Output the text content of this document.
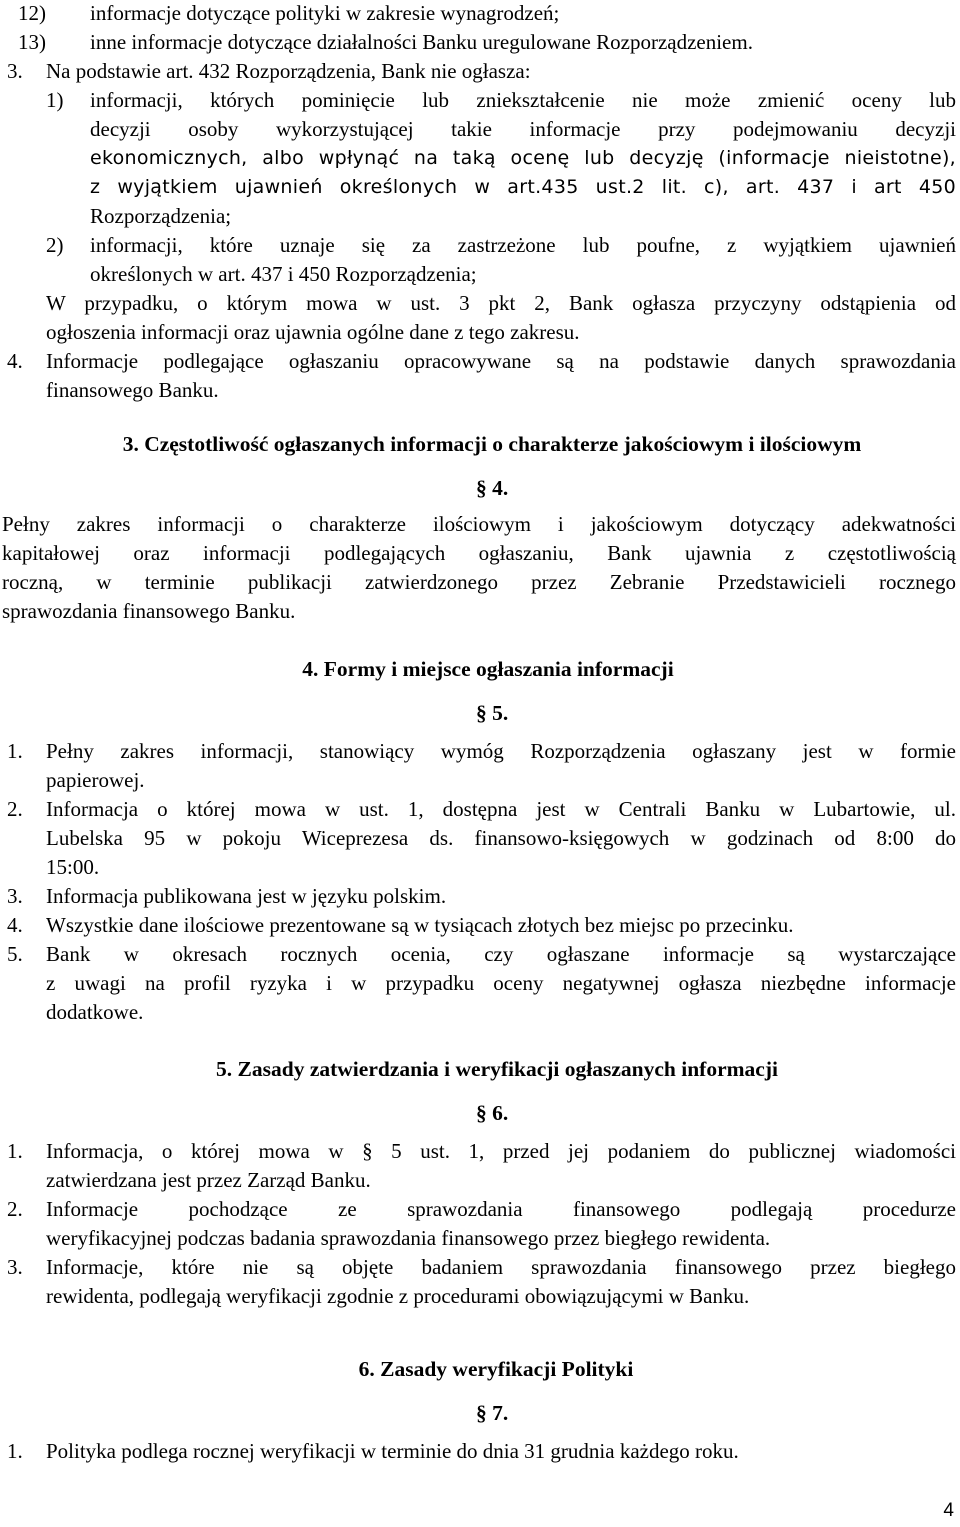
12)	informacje dotyczące polityki w zakresie wynagrodzeń;
13)	inne informacje dotyczące działalności Banku uregulowane Rozporządzeniem.
3.	Na podstawie art. 432 Rozporządzenia, Bank nie ogłasza:
1) informacji, których pominięcie lub zniekształcenie nie może zmienić oceny lub
decyzji osoby wykorzystującej takie informacje przy podejmowaniu decyzji
ekonomicznych, albo wpłynąć na taką ocenę lub decyzję (informacje nieistotne),
z wyjątkiem ujawnień określonych w art.435 ust.2 lit. c), art. 437 i art 450
Rozporządzenia;
2) informacji, które uznaje się za zastrzeżone lub poufne, z wyjątkiem ujawnień
określonych w art. 437 i 450 Rozporządzenia;
W przypadku, o którym mowa w ust. 3 pkt 2, Bank ogłasza przyczyny odstąpienia od
ogłoszenia informacji oraz ujawnia ogólne dane z tego zakresu.
4. Informacje podlegające ogłaszaniu opracowywane są na podstawie danych sprawozdania
finansowego Banku.
3. Częstotliwość ogłaszanych informacji o charakterze jakościowym i ilościowym
§ 4.
Pełny zakres informacji o charakterze ilościowym i jakościowym dotyczący adekwatności
kapitałowej oraz informacji podlegających ogłaszaniu, Bank ujawnia z częstotliwością
roczną, w terminie publikacji zatwierdzonego przez Zebranie Przedstawicieli rocznego
sprawozdania finansowego Banku.
4. Formy i miejsce ogłaszania informacji
§ 5.
1. Pełny zakres informacji, stanowiący wymóg Rozporządzenia ogłaszany jest w formie
papierowej.
2. Informacja o której mowa w ust. 1, dostępna jest w Centrali Banku w Lubartowie, ul.
Lubelska 95 w pokoju Wiceprezesa ds. finansowo-księgowych w godzinach od 8:00 do
15:00.
3. Informacja publikowana jest w języku polskim.
4. Wszystkie dane ilościowe prezentowane są w tysiącach złotych bez miejsc po przecinku.
5. Bank w okresach rocznych ocenia, czy ogłaszane informacje są wystarczające
z uwagi na profil ryzyka i w przypadku oceny negatywnej ogłasza niezbędne informacje
dodatkowe.
5. Zasady zatwierdzania i weryfikacji ogłaszanych informacji
§ 6.
1. Informacja, o której mowa w § 5 ust. 1, przed jej podaniem do publicznej wiadomości
zatwierdzana jest przez Zarząd Banku.
2. Informacje pochodzące ze sprawozdania finansowego podlegają procedurze
weryfikacyjnej podczas badania sprawozdania finansowego przez biegłego rewidenta.
3. Informacje, które nie są objęte badaniem sprawozdania finansowego przez biegłego
rewidenta, podlegają weryfikacji zgodnie z procedurami obowiązującymi w Banku.
6. Zasady weryfikacji Polityki
§ 7.
1. Polityka podlega rocznej weryfikacji w terminie do dnia 31 grudnia każdego roku.
4
